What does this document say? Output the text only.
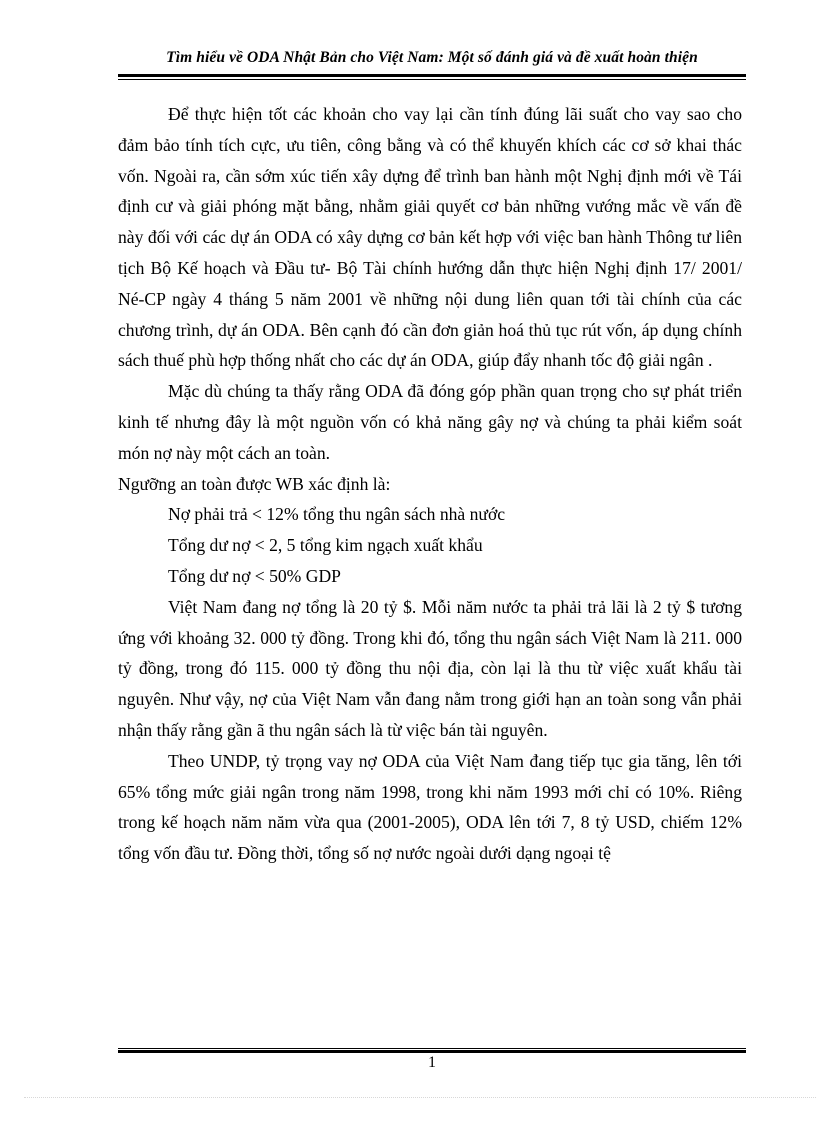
Tìm hiểu về ODA Nhật Bản cho Việt Nam: Một số đánh giá và đề xuất hoàn thiện

Để thực hiện tốt các khoản cho vay lại cần tính đúng lãi suất cho vay sao cho đảm bảo tính tích cực, ưu tiên, công bằng và có thể khuyến khích các cơ sở khai thác vốn. Ngoài ra, cần sớm xúc tiến xây dựng để trình ban hành một Nghị định mới về Tái định cư và giải phóng mặt bằng, nhằm giải quyết cơ bản những vướng mắc về vấn đề này đối với các dự án ODA có xây dựng cơ bản kết hợp với việc ban hành Thông tư liên tịch Bộ Kế hoạch và Đầu tư- Bộ Tài chính hướng dẫn thực hiện Nghị định 17/ 2001/ Né-CP ngày 4 tháng 5 năm 2001 về những nội dung liên quan tới tài chính của các chương trình, dự án ODA. Bên cạnh đó cần đơn giản hoá thủ tục rút vốn, áp dụng chính sách thuế phù hợp thống nhất cho các dự án ODA, giúp đẩy nhanh tốc độ giải ngân .

Mặc dù chúng ta thấy rằng ODA đã đóng góp phần quan trọng cho sự phát triển kinh tế nhưng đây là một nguồn vốn có khả năng gây nợ và chúng ta phải kiểm soát món nợ này một cách an toàn.

Ngưỡng an toàn được WB xác định là:

Nợ phải trả < 12% tổng thu ngân sách nhà nước

Tổng dư nợ < 2, 5 tổng kim ngạch xuất khẩu

Tổng dư nợ < 50% GDP

Việt Nam đang nợ tổng là 20 tỷ $. Mỗi năm nước ta phải trả lãi là 2 tỷ $ tương ứng với khoảng 32. 000 tỷ đồng. Trong khi đó, tổng thu ngân sách Việt Nam là 211. 000 tỷ đồng, trong đó 115. 000 tỷ đồng thu nội địa, còn lại là thu từ việc xuất khẩu tài nguyên. Như vậy, nợ của Việt Nam vẫn đang nằm trong giới hạn an toàn song vẫn phải nhận thấy rằng gần ã thu ngân sách là từ việc bán tài nguyên.

Theo UNDP, tỷ trọng vay nợ ODA của Việt Nam đang tiếp tục gia tăng, lên tới 65% tổng mức giải ngân trong năm 1998, trong khi năm 1993 mới chỉ có 10%. Riêng trong kế hoạch năm năm vừa qua (2001-2005), ODA lên tới 7, 8 tỷ USD, chiếm 12% tổng vốn đầu tư. Đồng thời, tổng số nợ nước ngoài dưới dạng ngoại tệ

1
